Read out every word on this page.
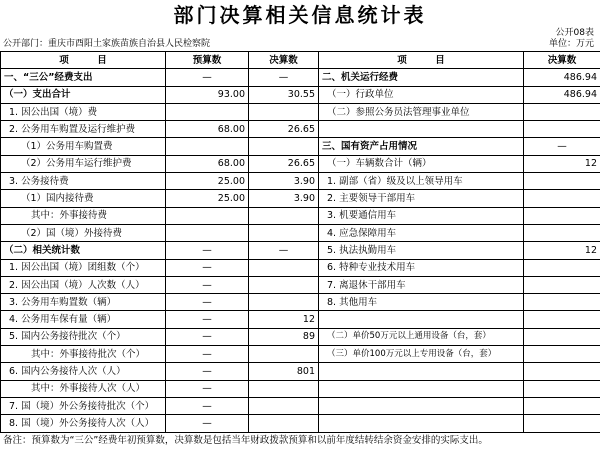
部门决算相关信息统计表
公开08表
公开部门：重庆市酉阳土家族苗族自治县人民检察院	单位：万元
项　　　目	预算数	决算数	项　　　目	决算数
一、“三公”经费支出	—	—	二、机关运行经费	486.94
（一）支出合计	93.00	30.55	（一）行政单位	486.94
1. 因公出国（境）费			（二）参照公务员法管理事业单位	
2. 公务用车购置及运行维护费	68.00	26.65		
（1）公务用车购置费			三、国有资产占用情况	—
（2）公务用车运行维护费	68.00	26.65	（一）车辆数合计（辆）	12
3. 公务接待费	25.00	3.90	1. 副部（省）级及以上领导用车	
（1）国内接待费	25.00	3.90	2. 主要领导干部用车	
其中：外事接待费			3. 机要通信用车	
（2）国（境）外接待费			4. 应急保障用车	
（二）相关统计数	—	—	5. 执法执勤用车	12
1. 因公出国（境）团组数（个）	—		6. 特种专业技术用车	
2. 因公出国（境）人次数（人）	—		7. 离退休干部用车	
3. 公务用车购置数（辆）	—		8. 其他用车	
4. 公务用车保有量（辆）	—	12		
5. 国内公务接待批次（个）	—	89	（二）单价50万元以上通用设备（台，套）	
其中：外事接待批次（个）	—		（三）单价100万元以上专用设备（台，套）	
6. 国内公务接待人次（人）	—	801		
其中：外事接待人次（人）	—			
7. 国（境）外公务接待批次（个）	—			
8. 国（境）外公务接待人次（人）	—			
备注：预算数为“三公”经费年初预算数，决算数是包括当年财政拨款预算和以前年度结转结余资金安排的实际支出。
